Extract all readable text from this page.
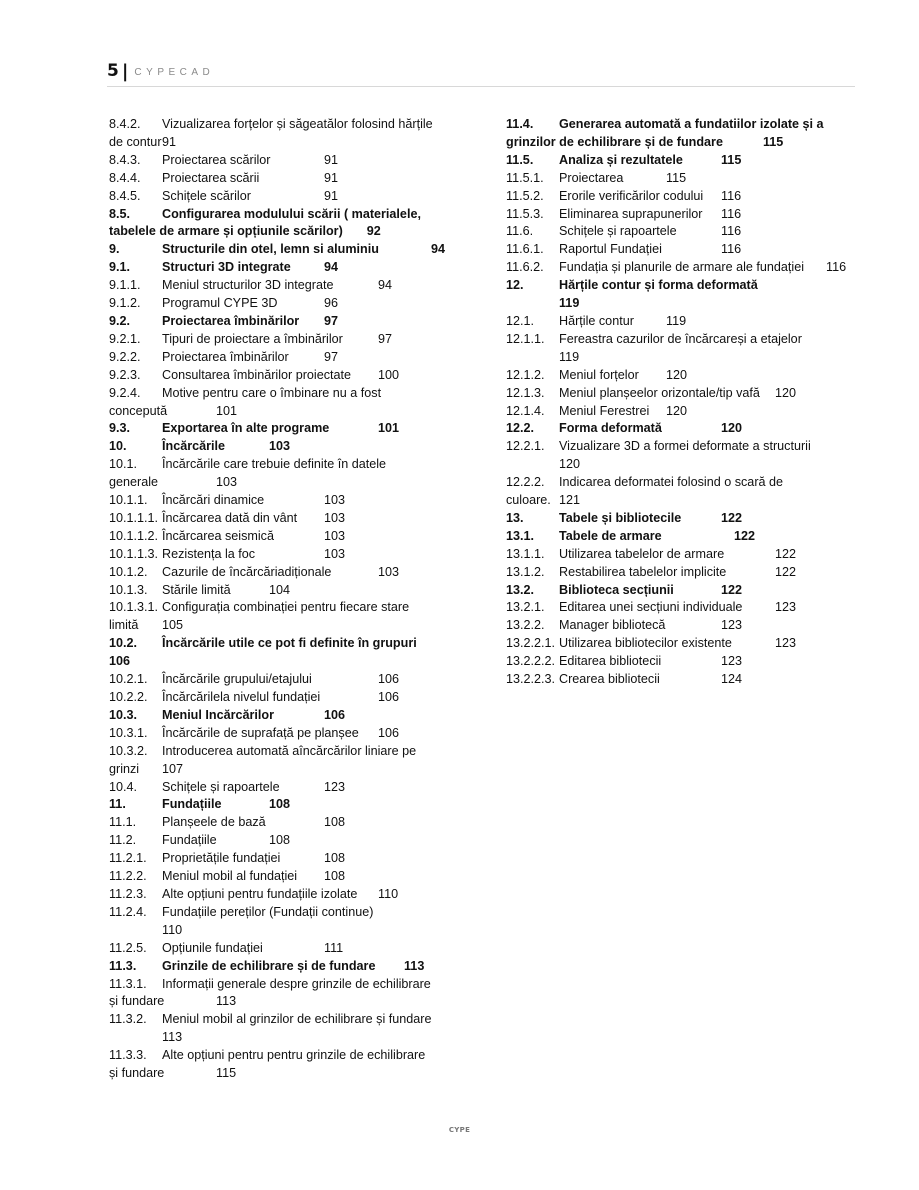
5 | CYPECAD
8.4.2. Vizualizarea forțelor și săgeatălor folosind hărțile
de contur 91
8.4.3. Proiectarea scărilor	91
8.4.4. Proiectarea scării	91
8.4.5. Schițele scărilor	91
8.5.	Configurarea modulului scării ( materialele,
tabelele de armare și opțiunile scărilor) 92
9.	Structurile din otel, lemn si aluminiu	94
9.1.	Structuri 3D integrate	94
9.1.1. Meniul structurilor 3D integrate	94
9.1.2. Programul CYPE 3D	96
9.2.	Proiectarea îmbinărilor 97
9.2.1. Tipuri de proiectare a îmbinărilor	97
9.2.2. Proiectarea îmbinărilor	97
9.2.3. Consultarea îmbinărilor proiectate 100
9.2.4. Motive pentru care o îmbinare nu a fost
concepută	101
9.3.	Exportarea în alte programe	101
10.	Încărcările	103
10.1. Încărcările care trebuie definite în datele
generale	103
10.1.1. Încărcări dinamice	103
10.1.1.1. Încărcarea dată din vânt 103
10.1.1.2. Încărcarea seismică	103
10.1.1.3. Rezistența la foc	103
10.1.2. Cazurile de încărcăriadiționale	103
10.1.3. Stările limită	104
10.1.3.1. Configurația combinației pentru fiecare stare
limită 105
10.2. Încărcările utile ce pot fi definite în grupuri
106
10.2.1. Încărcările grupului/etajului	106
10.2.2. Încărcărilela nivelul fundației	106
10.3. Meniul Incărcărilor	106
10.3.1. Încărcările de suprafață pe planșee 106
10.3.2. Introducerea automată aîncărcărilor liniare pe
grinzi 107
10.4. Schițele și rapoartele	123
11.	Fundațiile	108
11.1. Planșeele de bază	108
11.2. Fundațiile	108
11.2.1. Proprietățile fundației	108
11.2.2. Meniul mobil al fundației 108
11.2.3. Alte opțiuni pentru fundațiile izolate 110
11.2.4. Fundațiile pereților (Fundații continue)
110
11.2.5. Opțiunile fundației	111
11.3. Grinzile de echilibrare și de fundare 113
11.3.1. Informații generale despre grinzile de echilibrare
și fundare	113
11.3.2. Meniul mobil al grinzilor de echilibrare și fundare
113
11.3.3. Alte opțiuni pentru pentru grinzile de echilibrare
și fundare	115
11.4. Generarea automată a fundatiilor izolate și a
grinzilor de echilibrare și de fundare	115
11.5. Analiza și rezultatele	115
11.5.1. Proiectarea	115
11.5.2. Erorile verificărilor codului 116
11.5.3. Eliminarea suprapunerilor 116
11.6. Schițele și rapoartele	116
11.6.1. Raportul Fundației	116
11.6.2. Fundația și planurile de armare ale fundației 116
12.	Hărțile contur și forma deformată
119
12.1. Hărțile contur	119
12.1.1. Fereastra cazurilor de încărcareși a etajelor
119
12.1.2. Meniul forțelor 120
12.1.3. Meniul planșeelor orizontale/tip vafă 120
12.1.4. Meniul Ferestrei 120
12.2. Forma deformată	120
12.2.1. Vizualizare 3D a formei deformate a structurii
120
12.2.2. Indicarea deformatei folosind o scară de
culoare. 121
13.	Tabele și bibliotecile	122
13.1. Tabele de armare	122
13.1.1. Utilizarea tabelelor de armare	122
13.1.2. Restabilirea tabelelor implicite	122
13.2. Biblioteca secțiunii	122
13.2.1. Editarea unei secțiuni individuale	123
13.2.2. Manager bibliotecă	123
13.2.2.1. Utilizarea bibliotecilor existente	123
13.2.2.2. Editarea bibliotecii	123
13.2.2.3. Crearea bibliotecii	124
CYPE
